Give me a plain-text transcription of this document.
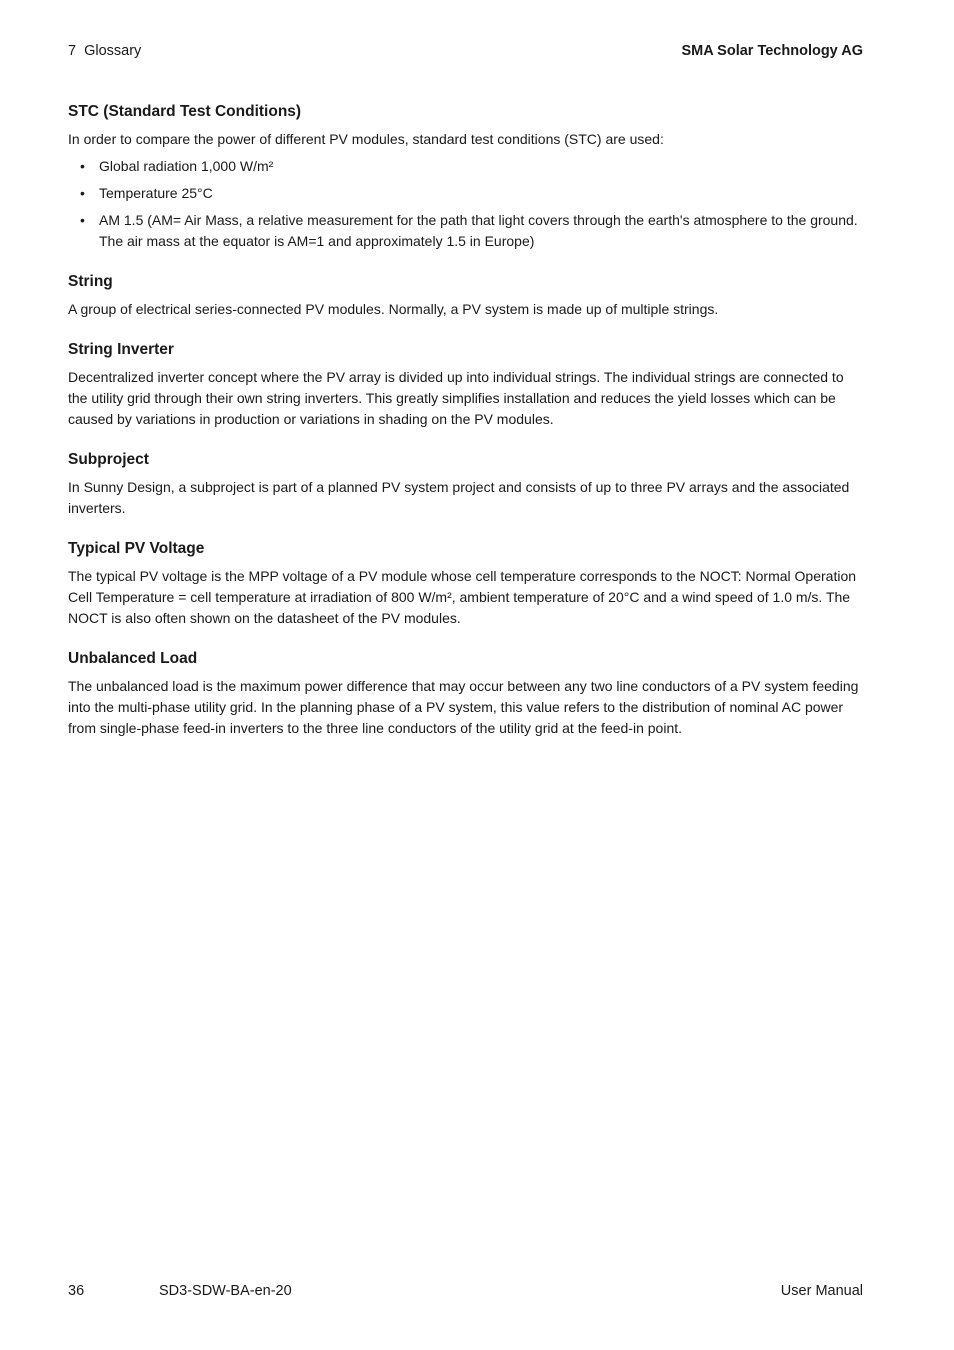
7 Glossary	SMA Solar Technology AG
STC (Standard Test Conditions)

In order to compare the power of different PV modules, standard test conditions (STC) are used:

• Global radiation 1,000 W/m²
• Temperature 25°C
• AM 1.5 (AM= Air Mass, a relative measurement for the path that light covers through the earth's atmosphere to the ground. The air mass at the equator is AM=1 and approximately 1.5 in Europe)
String

A group of electrical series-connected PV modules. Normally, a PV system is made up of multiple strings.

String Inverter

Decentralized inverter concept where the PV array is divided up into individual strings. The individual strings are connected to the utility grid through their own string inverters. This greatly simplifies installation and reduces the yield losses which can be caused by variations in production or variations in shading on the PV modules.

Subproject

In Sunny Design, a subproject is part of a planned PV system project and consists of up to three PV arrays and the associated inverters.

Typical PV Voltage

The typical PV voltage is the MPP voltage of a PV module whose cell temperature corresponds to the NOCT: Normal Operation Cell Temperature = cell temperature at irradiation of 800 W/m², ambient temperature of 20°C and a wind speed of 1.0 m/s. The NOCT is also often shown on the datasheet of the PV modules.

Unbalanced Load

The unbalanced load is the maximum power difference that may occur between any two line conductors of a PV system feeding into the multi-phase utility grid. In the planning phase of a PV system, this value refers to the distribution of nominal AC power from single-phase feed-in inverters to the three line conductors of the utility grid at the feed-in point.

36	SD3-SDW-BA-en-20	User Manual
